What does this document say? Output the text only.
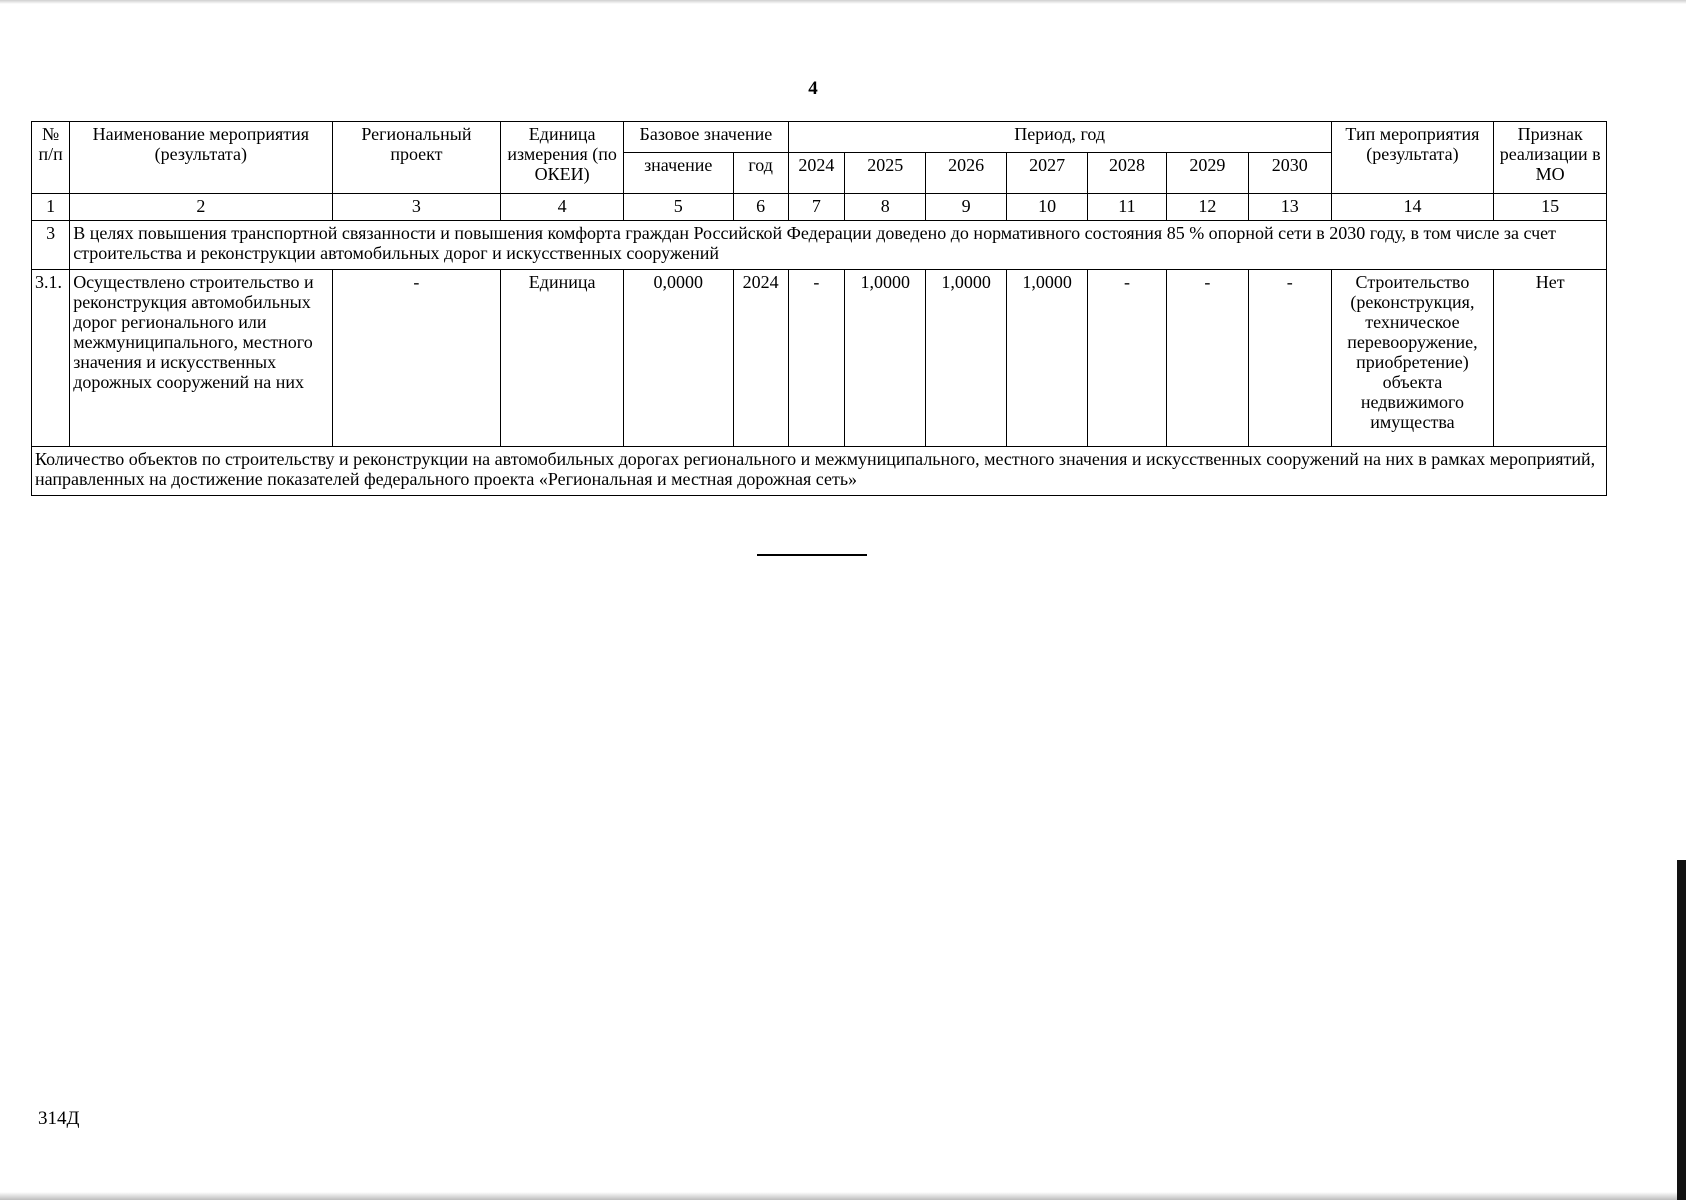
4
№ п/п	Наименование мероприятия (результата)	Региональный проект	Единица измерения (по ОКЕИ)	Базовое значение		Период, год							Тип мероприятия (результата)	Признак реализации в МО
				значение	год	2024	2025	2026	2027	2028	2029	2030		
1	2	3	4	5	6	7	8	9	10	11	12	13	14	15
3	В целях повышения транспортной связанности и повышения комфорта граждан Российской Федерации доведено до нормативного состояния 85 % опорной сети в 2030 году, в том числе за счет строительства и реконструкции автомобильных дорог и искусственных сооружений													
3.1.	Осуществлено строительство и реконструкция автомобильных дорог регионального или межмуниципального, местного значения и искусственных дорожных сооружений на них	-	Единица	0,0000	2024	-	1,0000	1,0000	1,0000	-	-	-	Строительство (реконструкция, техническое перевооружение, приобретение) объекта недвижимого имущества	Нет
Количество объектов по строительству и реконструкции на автомобильных дорогах регионального и межмуниципального, местного значения и искусственных сооружений на них в рамках мероприятий, направленных на достижение показателей федерального проекта «Региональная и местная дорожная сеть»														
314Д
